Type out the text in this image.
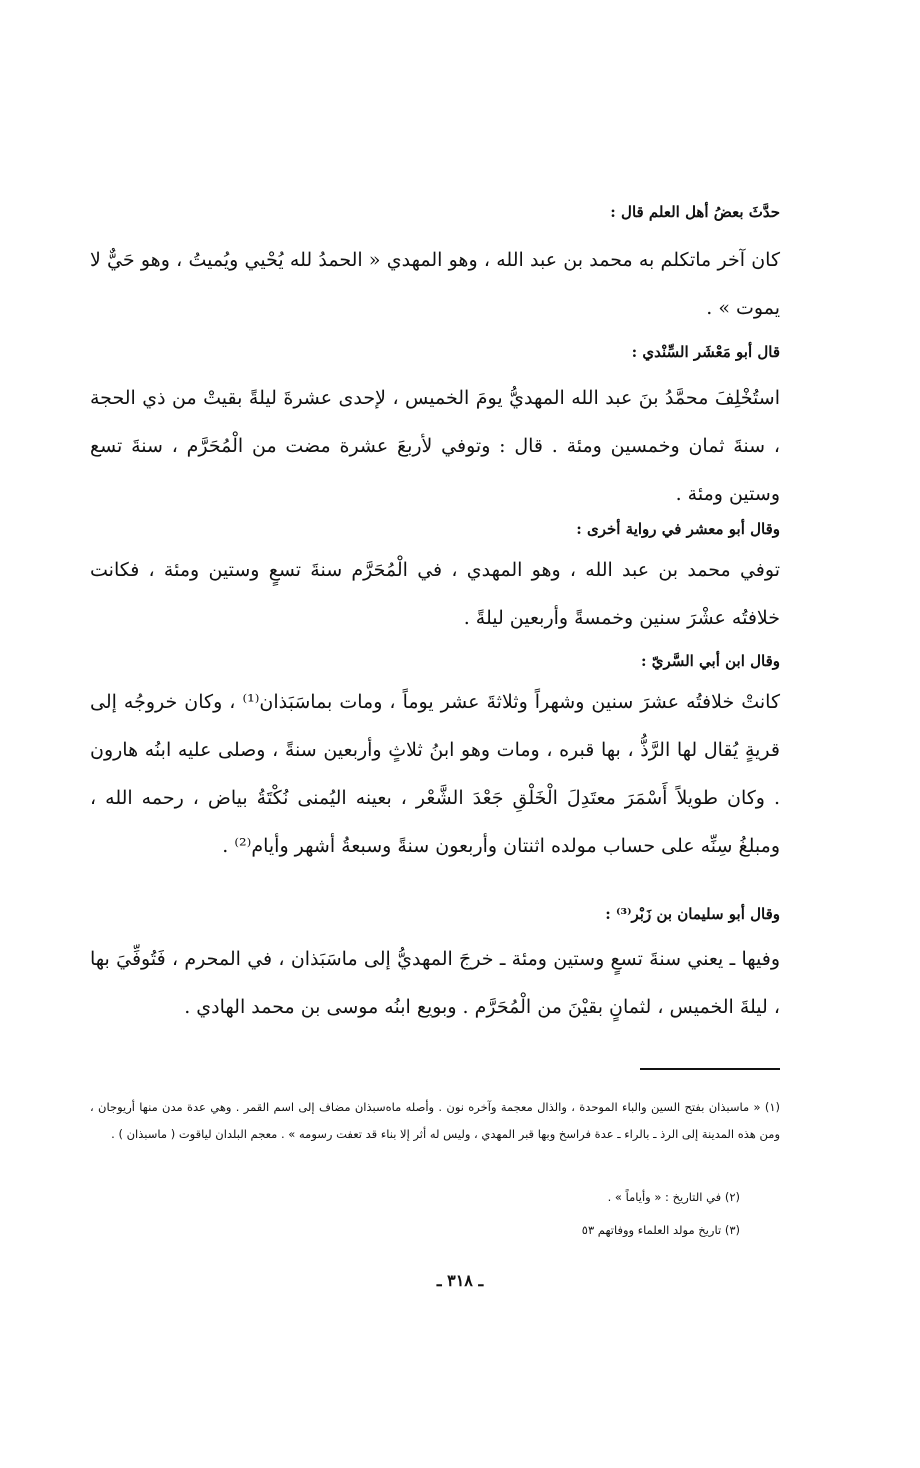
حدَّثَ بعضُ أهل العلم قال :
كان آخر ماتكلم به محمد بن عبد الله ، وهو المهدي « الحمدُ لله يُحْيي ويُميتُ ، وهو حَيٌّ لا يموت » .
قال أبو مَعْشَر السِّنْدي :
استُخْلِفَ محمَّدُ بنَ عبد الله المهديُّ يومَ الخميس ، لإحدى عشرةَ ليلةً بقيتْ من ذي الحجة ، سنةَ ثمان وخمسين ومئة . قال : وتوفي لأربعَ عشرة مضت من الْمُحَرَّم ، سنةَ تسع وستين ومئة .
وقال أبو معشر في رواية أخرى :
توفي محمد بن عبد الله ، وهو المهدي ، في الْمُحَرَّم سنةَ تسعٍ وستين ومئة ، فكانت خلافتُه عشْرَ سنين وخمسةً وأربعين ليلةً .
وقال ابن أبي السَّريّ :
كانتْ خلافتُه عشرَ سنين وشهراً وثلاثةَ عشر يوماً ، ومات بماسَبَذان⁽¹⁾ ، وكان خروجُه إلى قريةٍ يُقال لها الرَّذُّ ، بها قبره ، ومات وهو ابنُ ثلاثٍ وأربعين سنةً ، وصلى عليه ابنُه هارون . وكان طويلاً أَسْمَرَ معتَدِلَ الْخَلْقِ جَعْدَ الشَّعْر ، بعينه اليُمنى نُكْتَةُ بياض ، رحمه الله ، ومبلغُ سِنِّه على حساب مولده اثنتان وأربعون سنةً وسبعةُ أشهر وأيام⁽²⁾ .
وقال أبو سليمان بن زَبْر⁽³⁾ :
وفيها ـ يعني سنةَ تسعٍ وستين ومئة ـ خرجَ المهديُّ إلى ماسَبَذان ، في المحرم ، فَتُوفِّيَ بها ، ليلةَ الخميس ، لثمانٍ بقيْنَ من الْمُحَرَّم . وبويع ابنُه موسى بن محمد الهادي .
(١) « ماسبذان بفتح السين والباء الموحدة ، والذال معجمة وآخره نون . وأصله ماه‌سبذان مضاف إلى اسم القمر . وهي عدة مدن منها أريوجان ، ومن هذه المدينة إلى الرذ ـ بالراء ـ عدة فراسخ وبها قبر المهدي ، وليس له أثر إلا بناء قد تعفت رسومه » . معجم البلدان لياقوت ( ماسبذان ) .
(٢) في التاريخ : « وأياماً » .
(٣) تاريخ مولد العلماء ووفاتهم ٥٣
ـ ٣١٨ ـ
